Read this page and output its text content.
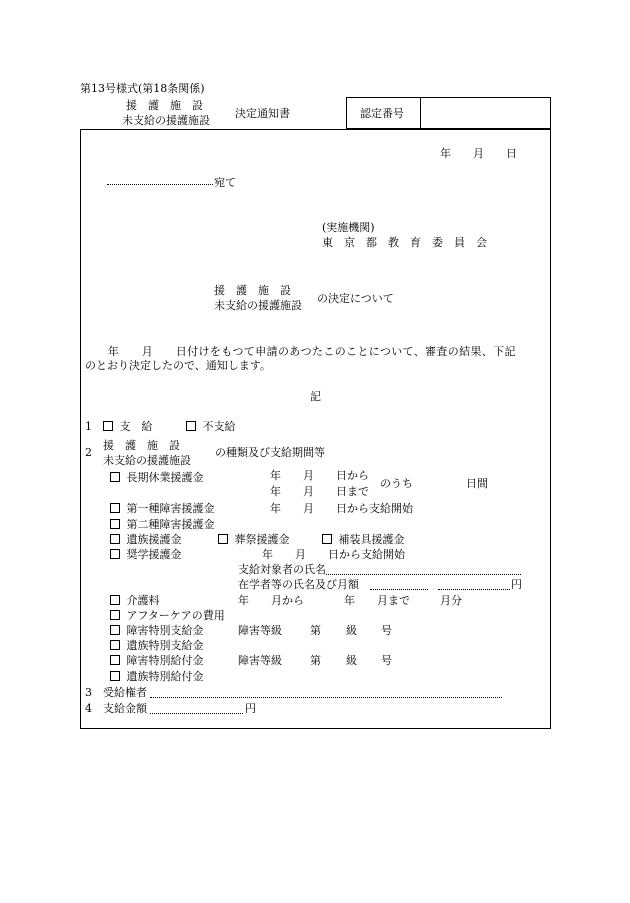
第13号様式(第18条関係)
援　護　施　設
未支給の援護施設
決定通知書	認定番号
年　　月　　日
宛て
(実施機関)
東京都教育委員会
援　護　施　設
未支給の援護施設
の決定について
　　年　　月　　日付けをもつて申請のあつたこのことについて、審査の結果、下記
のとおり決定したので、通知します。
記
1	支　給	不支給
2
援　護　施　設
未支給の援護施設
の種類及び支給期間等
長期休業援護金	年　　月　　日から
年　　月　　日まで
のうち	日間
第一種障害援護金	年　　月　　日から支給開始
第二種障害援護金
遺族援護金	葬祭援護金	補装具援護金
奨学援護金	年　　月　　日から支給開始
支給対象者の氏名
在学者等の氏名及び月額	円
介護料	年　　月から	年　　月まで	月分
アフターケアの費用
障害特別支給金	障害等級	第 級 号
遺族特別支給金
障害特別給付金	障害等級	第 級 号
遺族特別給付金
3 受給権者
4 支給金額	円
